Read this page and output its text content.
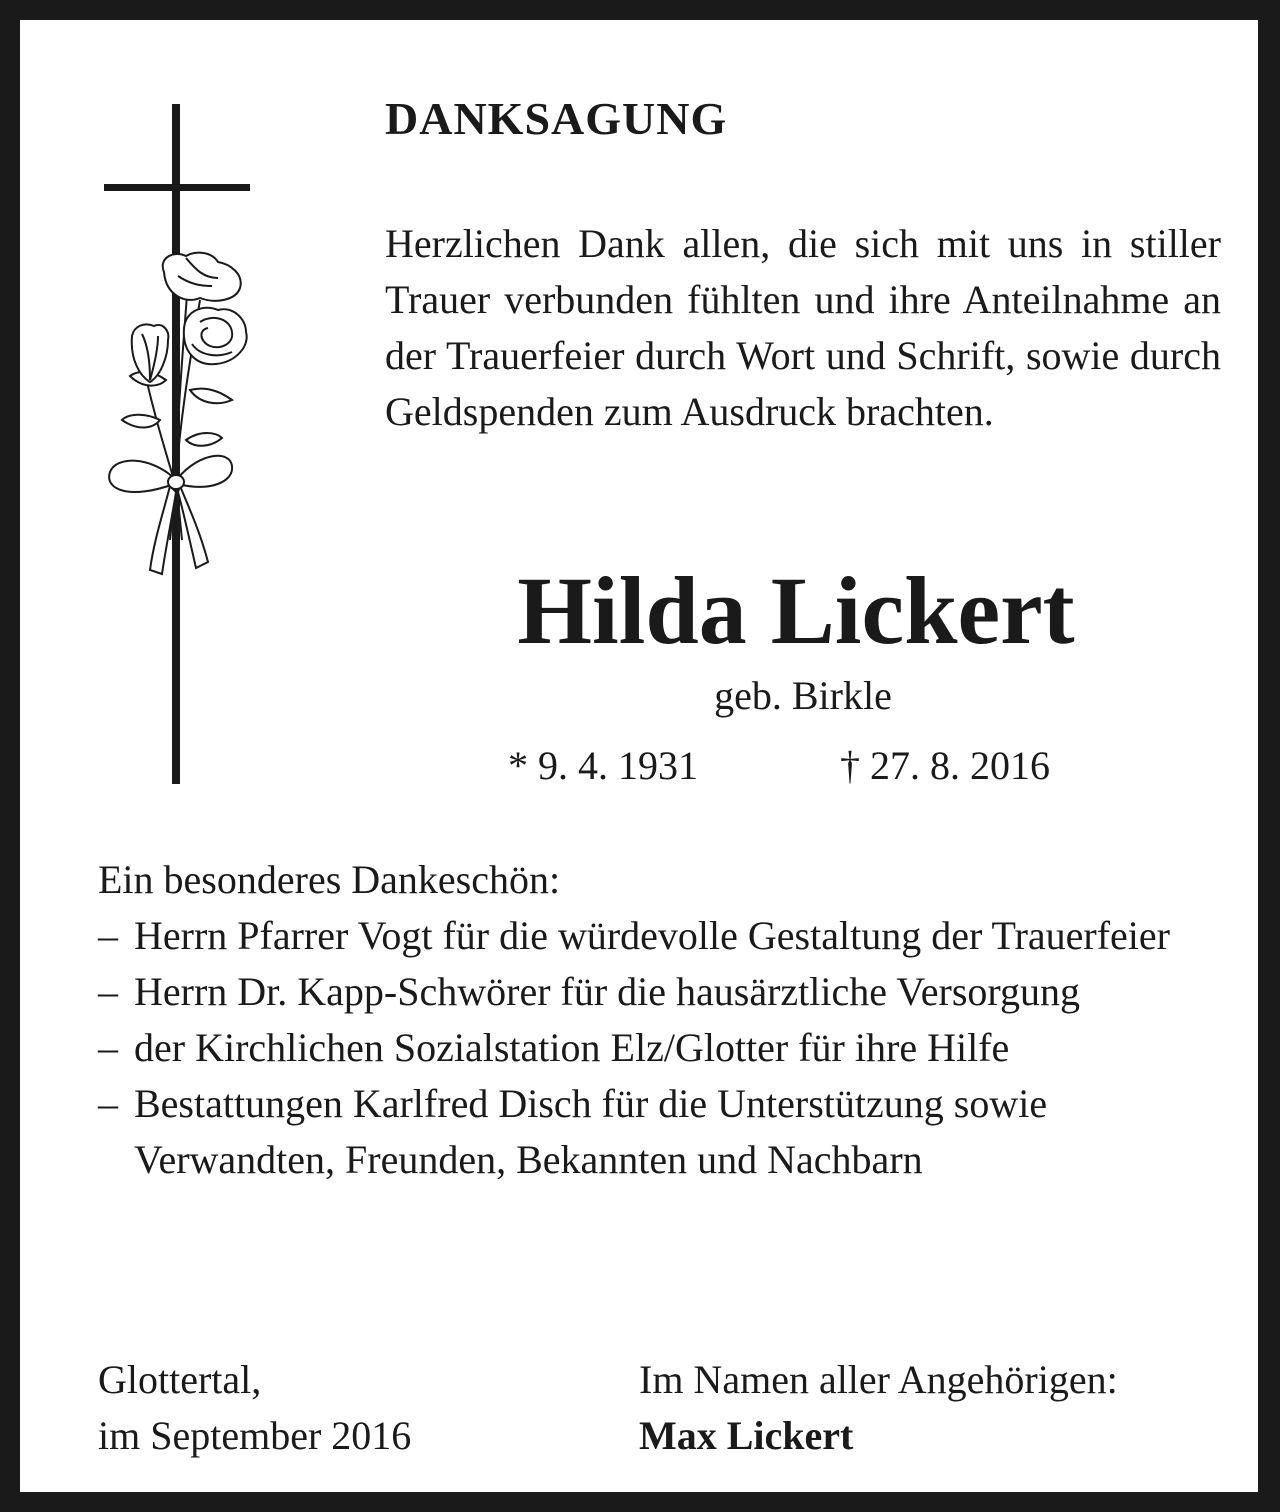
DANKSAGUNG

Herzlichen Dank allen, die sich mit uns in stiller Trauer verbunden fühlten und ihre Anteilnahme an der Trauerfeier durch Wort und Schrift, sowie durch Geldspenden zum Ausdruck brachten.

Hilda Lickert
geb. Birkle
* 9. 4. 1931	† 27. 8. 2016

Ein besonderes Dankeschön:

– Herrn Pfarrer Vogt für die würdevolle Gestaltung der Trauerfeier
– Herrn Dr. Kapp-Schwörer für die hausärztliche Versorgung
– der Kirchlichen Sozialstation Elz/Glotter für ihre Hilfe
– Bestattungen Karlfred Disch für die Unterstützung sowie Verwandten, Freunden, Bekannten und Nachbarn
Glottertal,
im September 2016
Im Namen aller Angehörigen:
Max Lickert
